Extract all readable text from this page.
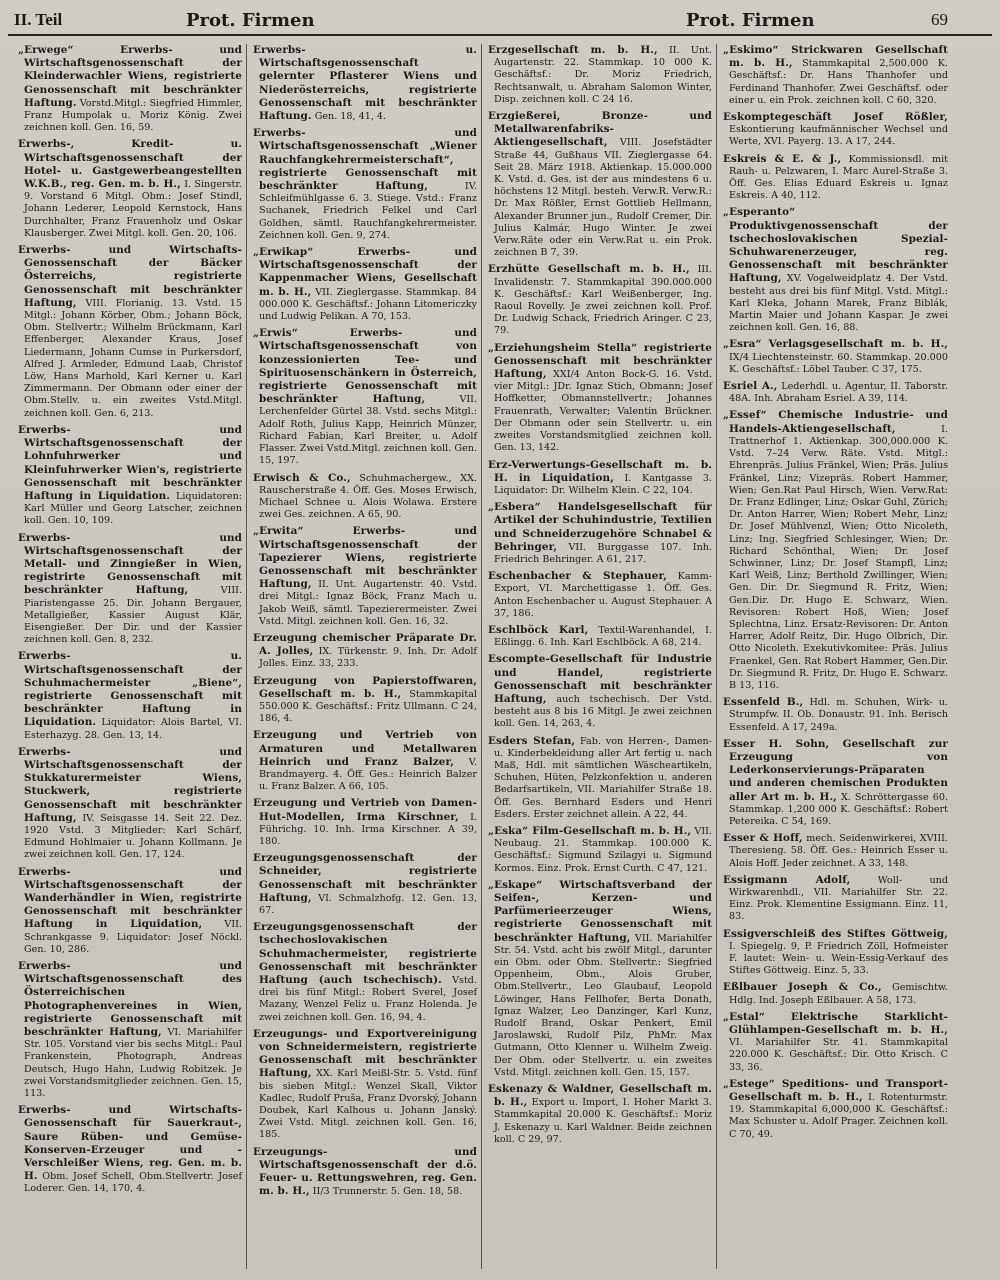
II. Teil	Prot. Firmen	Prot. Firmen	69

„Erwege“ Erwerbs- und Wirtschaftsgenossenschaft der Kleinderwachler Wiens, registrierte Genossenschaft mit beschränkter Haftung. Vorstd.Mitgl.: Siegfried Himmler, Franz Humpolak u. Moriz König. Zwei zeichnen koll. Gen. 16, 59.

Erwerbs-, Kredit- u. Wirtschaftsgenossenschaft der Hotel- u. Gastgewerbeangestellten W.K.B., reg. Gen. m. b. H., I. Singerstr. 9. Vorstand 6 Mitgl. Obm.: Josef Stindl, Johann Lederer, Leopold Kernstock, Hans Durchhalter, Franz Frauenholz und Oskar Klausberger. Zwei Mitgl. koll. Gen. 20, 106.

Erwerbs- und Wirtschafts-Genossenschaft der Bäcker Österreichs, registrierte Genossenschaft mit beschränkter Haftung, VIII. Florianig. 13. Vstd. 15 Mitgl.: Johann Körber, Obm.; Johann Böck, Obm. Stellvertr.; Wilhelm Brückmann, Karl Effenberger, Alexander Kraus, Josef Liedermann, Johann Cumse in Purkersdorf, Alfred J. Armleder, Edmund Laab, Christof Löw, Hans Marhold, Karl Kerner u. Karl Zimmermann. Der Obmann oder einer der Obm.Stellv. u. ein zweites Vstd.Mitgl. zeichnen koll. Gen. 6, 213.

Erwerbs- und Wirtschaftsgenossenschaft der Lohnfuhrwerker und Kleinfuhrwerker Wien's, registrierte Genossenschaft mit beschränkter Haftung in Liquidation. Liquidatoren: Karl Müller und Georg Latscher, zeichnen koll. Gen. 10, 109.

Erwerbs- und Wirtschaftsgenossenschaft der Metall- und Zinngießer in Wien, registrirte Genossenschaft mit beschränkter Haftung,	VIII. Piaristengasse 25. Dir. Johann Bergauer, Metallgießer, Kassier August Klär, Eisengießer. Der Dir. und der Kassier zeichnen koll. Gen. 8, 232.

Erwerbs- u. Wirtschaftsgenossenschaft der Schuhmachermeister „Biene“, registrierte Genossenschaft mit beschränkter Haftung in Liquidation. Liquidator: Alois Bartel, VI. Esterhazyg. 28. Gen. 13, 14.

Erwerbs- und Wirtschaftsgenossenschaft der Stukkaturermeister Wiens, Stuckwerk, registrierte Genossenschaft mit beschränkter Haftung, IV. Seisgasse 14. Seit 22. Dez. 1920 Vstd. 3 Mitglieder: Karl Schärf, Edmund Hohlmaier u. Johann Kollmann. Je zwei zeichnen koll. Gen. 17, 124.

Erwerbs- und Wirtschaftsgenossenschaft der Wanderhändler in Wien, registrirte Genossenschaft mit beschränkter Haftung in Liquidation, VII. Schrankgasse 9. Liquidator: Josef Nöckl. Gen. 10, 286.

Erwerbs- und Wirtschaftsgenossenschaft des Österreichischen Photographenvereines in Wien, registrierte Genossenschaft mit beschränkter Haftung, VI. Mariahilfer Str. 105. Vorstand vier bis sechs Mitgl.: Paul Frankenstein, Photograph, Andreas Deutsch, Hugo Hahn, Ludwig Robitzek. Je zwei Vorstandsmitglieder zeichnen. Gen. 15, 113.

Erwerbs- und Wirtschafts-Genossenschaft für Sauerkraut-, Saure Rüben- und Gemüse-Konserven-Erzeuger und -Verschleißer Wiens, reg. Gen. m. b. H. Obm. Josef Schell, Obm.Stellvertr. Josef Loderer. Gen. 14, 170, 4.

Erwerbs- u. Wirtschaftsgenossenschaft gelernter Pflasterer Wiens und Niederösterreichs, registrierte Genossenschaft mit beschränkter Haftung. Gen. 18, 41, 4.

Erwerbs- und Wirtschaftsgenossenschaft „Wiener Rauchfangkehrermeisterschaft“, registrierte Genossenschaft mit beschränkter Haftung,	IV. Schleifmühlgasse 6. 3. Stiege. Vstd.: Franz Suchanek, Friedrich Felkel und Carl Goldhen, sämtl. Rauchfangkehrermeister. Zeichnen koll. Gen. 9, 274.

„Erwikap“ Erwerbs- und Wirtschaftsgenossenschaft der Kappenmacher Wiens, Gesellschaft m. b. H., VII. Zieglergasse. Stammkap. 84 000.000 K. Geschäftsf.: Johann Litomericzky und Ludwig Pelikan. A 70, 153.

„Erwis“ Erwerbs- und Wirtschaftsgenossenschaft von konzessionierten Tee- und Spirituosenschänkern in Österreich, registrierte Genossenschaft mit beschränkter Haftung,	VII. Lerchenfelder Gürtel 38. Vstd. sechs Mitgl.: Adolf Roth, Julius Kapp, Heinrich Münzer, Richard Fabian, Karl Breiter, u. Adolf Flasser. Zwei Vstd.Mitgl. zeichnen koll. Gen. 15, 197.

Erwisch & Co., Schuhmachergew., XX. Rauscherstraße 4. Öff. Ges. Moses Erwisch, Michael Schnee u. Alois Wolawa. Erstere zwei Ges. zeichnen. A 65, 90.

„Erwita“ Erwerbs- und Wirtschaftsgenossenschaft der Tapezierer Wiens, registrierte Genossenschaft mit beschränkter Haftung, II. Unt. Augartenstr. 40. Vstd. drei Mitgl.: Ignaz Böck, Franz Mach u. Jakob Weiß, sämtl. Tapezierermeister. Zwei Vstd. Mitgl. zeichnen koll. Gen. 16, 32.

Erzeugung chemischer Präparate Dr. A. Jolles, IX. Türkenstr. 9. Inh. Dr. Adolf Jolles. Einz. 33, 233.

Erzeugung von Papierstoffwaren, Gesellschaft m. b. H., Stammkapital 550.000 K. Geschäftsf.: Fritz Ullmann. C 24, 186, 4.

Erzeugung und Vertrieb von Armaturen und Metallwaren Heinrich und Franz Balzer, V. Brandmayerg. 4. Öff. Ges.: Heinrich Balzer u. Franz Balzer. A 66, 105.

Erzeugung und Vertrieb von Damen-Hut-Modellen, Irma Kirschner, I. Führichg. 10. Inh. Irma Kirschner. A 39, 180.

Erzeugungsgenossenschaft der Schneider, registrierte Genossenschaft mit beschränkter Haftung, VI. Schmalzhofg. 12. Gen. 13, 67.

Erzeugungsgenossenschaft der tschechoslovakischen Schuhmachermeister, registrierte Genossenschaft mit beschränkter Haftung (auch tschechisch). Vstd. drei bis fünf Mitgl.: Robert Sverel, Josef Mazany, Wenzel Feliz u. Franz Holenda. Je zwei zeichnen koll. Gen. 16, 94, 4.

Erzeugungs- und Exportvereinigung von Schneidermeistern, registrierte Genossenschaft mit beschränkter Haftung, XX. Karl Meißl-Str. 5. Vstd. fünf bis sieben Mitgl.: Wenzel Skall, Viktor Kadlec, Rudolf Pruša, Franz Dvorský, Johann Doubek, Karl Kalhous u. Johann Janský. Zwei Vstd. Mitgl. zeichnen koll. Gen. 16, 185.

Erzeugungs- und Wirtschaftsgenossenschaft der d.ö. Feuer- u. Rettungswehren, reg. Gen. m. b. H., II/3 Trunnerstr. 5. Gen. 18, 58.

Erzgesellschaft m. b. H., II. Unt. Augartenstr. 22. Stammkap. 10 000 K. Geschäftsf.: Dr. Moriz Friedrich, Rechtsanwalt, u. Abraham Salomon Winter, Disp. zeichnen koll. C 24 16.

Erzgießerei, Bronze- und Metallwarenfabriks-Aktiengesellschaft, VIII. Josefstädter Straße 44, Gußhaus VII. Zieglergasse 64. Seit 28. März 1918. Aktienkap. 15.000.000 K. Vstd. d. Ges. ist der aus mindestens 6 u. höchstens 12 Mitgl. besteh. Verw.R. Verw.R.: Dr. Max Rößler, Ernst Gottlieb Hellmann, Alexander Brunner jun., Rudolf Cremer, Dir. Julius Kalmár, Hugo Winter. Je zwei Verw.Räte oder ein Verw.Rat u. ein Prok. zeichnen B 7, 39.

Erzhütte Gesellschaft m. b. H., III. Invalidenstr. 7. Stammkapital 390.000.000 K. Geschäftsf.: Karl Weißenberger, Ing. Raoul Rovelly. Je zwei zeichnen koll. Prof. Dr. Ludwig Schack, Friedrich Aringer. C 23, 79.

„Erziehungsheim Stella“ registrierte Genossenschaft mit beschränkter Haftung, XXI/4 Anton Bock-G. 16. Vstd. vier Mitgl.: JDr. Ignaz Stich, Obmann; Josef Hoffketter, Obmannstellvertr.; Johannes Frauenrath, Verwalter; Valentin Brückner. Der Obmann oder sein Stellvertr. u. ein zweites Vorstandsmitglied zeichnen koll. Gen. 13, 142.

Erz-Verwertungs-Gesellschaft m. b. H. in Liquidation, I. Kantgasse 3. Liquidator: Dr. Wilhelm Klein. C 22, 104.

„Esbera“ Handelsgesellschaft für Artikel der Schuhindustrie, Textilien und Schneiderzugehöre Schnabel & Behringer, VII. Burggasse 107. Inh. Friedrich Behringer. A 61, 217.

Eschenbacher & Stephauer, Kamm-Export, VI. Marchettigasse 1. Öff. Ges. Anton Eschenbacher u. August Stephauer. A 37, 186.

Eschlböck Karl, Textil-Warenhandel, I. Eßlingg. 6. Inh. Karl Eschlböck. A 68, 214.

Escompte-Gesellschaft für Industrie und Handel, registrierte Genossenschaft mit beschränkter Haftung, auch tschechisch. Der Vstd. besteht aus 8 bis 16 Mitgl. Je zwei zeichnen koll. Gen. 14, 263, 4.

Esders Stefan, Fab. von Herren-, Damen- u. Kinderbekleidung aller Art fertig u. nach Maß, Hdl. mit sämtlichen Wäscheartikeln, Schuhen, Hüten, Pelzkonfektion u. anderen Bedarfsartikeln, VII. Mariahilfer Straße 18. Öff. Ges. Bernhard Esders und Henri Esders. Erster zeichnet allein. A 22, 44.

„Eska“ Film-Gesellschaft m. b. H., VII. Neubaug. 21. Stammkap. 100.000 K. Geschäftsf.: Sigmund Szilagyi u. Sigmund Kormos. Einz. Prok. Ernst Curth. C 47, 121.

„Eskape“ Wirtschaftsverband der Seifen-, Kerzen- und Parfümerieerzeuger Wiens, registrierte Genossenschaft mit beschränkter Haftung, VII. Mariahilfer Str. 54. Vstd. acht bis zwölf Mitgl., darunter ein Obm. oder Obm. Stellvertr.: Siegfried Oppenheim, Obm., Alois Gruber, Obm.Stellvertr., Leo Glaubauf, Leopold Löwinger, Hans Fellhofer, Berta Donath, Ignaz Walzer, Leo Danzinger, Karl Kunz, Rudolf Brand, Oskar Penkert, Emil Jaroslawski, Rudolf Pilz, PhMr. Max Gutmann, Otto Klenner u. Wilhelm Zweig. Der Obm. oder Stellvertr. u. ein zweites Vstd. Mitgl. zeichnen koll. Gen. 15, 157.

Eskenazy & Waldner, Gesellschaft m. b. H., Export u. Import, I. Hoher Markt 3. Stammkapital 20.000 K. Geschäftsf.: Moriz J. Eskenazy u. Karl Waldner. Beide zeichnen koll. C 29, 97.

„Eskimo“ Strickwaren Gesellschaft m. b. H., Stammkapital 2,500.000 K. Geschäftsf.: Dr. Hans Thanhofer und Ferdinand Thanhofer. Zwei Geschäftsf. oder einer u. ein Prok. zeichnen koll. C 60, 320.

Eskomptegeschäft Josef Rößler, Eskontierung kaufmännischer Wechsel und Werte, XVI. Payerg. 13. A 17, 244.

Eskreis & E. & J., Kommissionsdl. mit Rauh- u. Pelzwaren, I. Marc Aurel-Straße 3. Öff. Ges. Elias Eduard Eskreis u. Ignaz Eskreis. A 40, 112.

„Esperanto“ Produktivgenossenschaft der tschechoslovakischen Spezial-Schuhwarenerzeuger, reg. Genossenschaft mit beschränkter Haftung, XV. Vogelweidplatz 4. Der Vstd. besteht aus drei bis fünf Mitgl. Vstd. Mitgl.: Karl Kleka, Johann Marek, Franz Biblák, Martin Maier und Johann Kaspar. Je zwei zeichnen koll. Gen. 16, 88.

„Esra“ Verlagsgesellschaft m. b. H., IX/4 Liechtensteinstr. 60. Stammkap. 20.000 K. Geschäftsf.: Löbel Tauber. C 37, 175.

Esriel A., Lederhdl. u. Agentur, II. Taborstr. 48A. Inh. Abraham Esriel. A 39, 114.

„Essef“ Chemische Industrie- und Handels-Aktiengesellschaft,	I. Trattnerhof 1. Aktienkap. 300,000.000 K. Vstd. 7–24 Verw. Räte. Vstd. Mitgl.: Ehrenpräs. Julius Fränkel, Wien; Präs. Julius Fränkel, Linz; Vizepräs. Robert Hammer, Wien; Gen.Rat Paul Hirsch, Wien. Verw.Rat: Dr. Franz Edlinger, Linz; Oskar Guhl, Zürich; Dr. Anton Harrer, Wien; Robert Mehr, Linz; Dr. Josef Mühlvenzl, Wien; Otto Nicoleth, Linz; Ing. Siegfried Schlesinger, Wien; Dr. Richard Schönthal, Wien; Dr. Josef Schwinner, Linz; Dr. Josef Stampfl, Linz; Karl Weiß, Linz; Berthold Zwillinger, Wien; Gen. Dir. Dr. Siegmund R. Fritz, Wien; Gen.Dir. Dr. Hugo E. Schwarz, Wien. Revisoren: Robert Hoß, Wien; Josef Splechtna, Linz. Ersatz-Revisoren: Dr. Anton Harrer, Adolf Reitz, Dir. Hugo Olbrich, Dir. Otto Nicoleth. Exekutivkomitee: Präs. Julius Fraenkel, Gen. Rat Robert Hammer, Gen.Dir. Dr. Siegmund R. Fritz, Dr. Hugo E. Schwarz. B 13, 116.

Essenfeld B., Hdl. m. Schuhen, Wirk- u. Strumpfw. II. Ob. Donaustr. 91. Inh. Berisch Essenfeld. A 17, 249a.

Esser H. Sohn, Gesellschaft zur Erzeugung von Lederkonservierungs-Präparaten und anderen chemischen Produkten aller Art m. b. H., X. Schröttergasse 60. Stammkap. 1,200 000 K. Geschäftsf.: Robert Petereika. C 54, 169.

Esser & Hoff, mech. Seidenwirkerei, XVIII. Theresieng. 58. Öff. Ges.: Heinrich Esser u. Alois Hoff. Jeder zeichnet. A 33, 148.

Essigmann Adolf,	Woll- und Wirkwarenhdl., VII. Mariahilfer Str. 22. Einz. Prok. Klementine Essigmann. Einz. 11, 83.

Essigverschleiß des Stiftes Göttweig, I. Spiegelg. 9, P. Friedrich Zöll, Hofmeister F. lautet: Wein- u. Wein-Essig-Verkauf des Stiftes Göttweig. Einz. 5, 33.

Eßlbauer Joseph & Co., Gemischtw. Hdlg. Ind. Joseph Eßlbauer. A 58, 173.

„Estal“ Elektrische Starklicht-Glühlampen-Gesellschaft m. b. H., VI. Mariahilfer Str. 41. Stammkapital 220.000 K. Geschäftsf.: Dir. Otto Krisch. C 33, 36.

„Estege“ Speditions- und Transport-Gesellschaft m. b. H., I. Rotenturmstr. 19. Stammkapital 6,000,000 K. Geschäftsf.: Max Schuster u. Adolf Prager. Zeichnen koll. C 70, 49.
